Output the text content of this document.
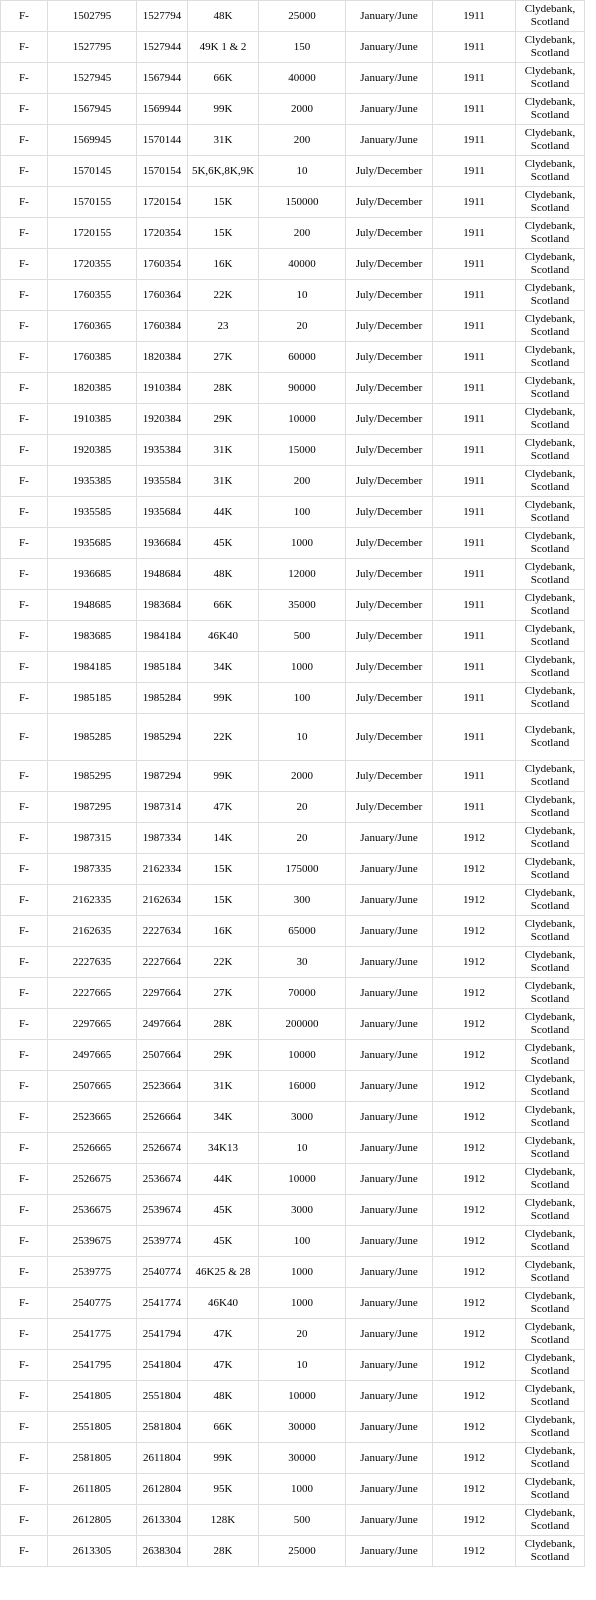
F-	1502795	1527794	48K	25000	January/June	1911	Clydebank, Scotland
F-	1527795	1527944	49K 1 & 2	150	January/June	1911	Clydebank, Scotland
F-	1527945	1567944	66K	40000	January/June	1911	Clydebank, Scotland
F-	1567945	1569944	99K	2000	January/June	1911	Clydebank, Scotland
F-	1569945	1570144	31K	200	January/June	1911	Clydebank, Scotland
F-	1570145	1570154	5K,6K,8K,9K	10	July/December	1911	Clydebank, Scotland
F-	1570155	1720154	15K	150000	July/December	1911	Clydebank, Scotland
F-	1720155	1720354	15K	200	July/December	1911	Clydebank, Scotland
F-	1720355	1760354	16K	40000	July/December	1911	Clydebank, Scotland
F-	1760355	1760364	22K	10	July/December	1911	Clydebank, Scotland
F-	1760365	1760384	23	20	July/December	1911	Clydebank, Scotland
F-	1760385	1820384	27K	60000	July/December	1911	Clydebank, Scotland
F-	1820385	1910384	28K	90000	July/December	1911	Clydebank, Scotland
F-	1910385	1920384	29K	10000	July/December	1911	Clydebank, Scotland
F-	1920385	1935384	31K	15000	July/December	1911	Clydebank, Scotland
F-	1935385	1935584	31K	200	July/December	1911	Clydebank, Scotland
F-	1935585	1935684	44K	100	July/December	1911	Clydebank, Scotland
F-	1935685	1936684	45K	1000	July/December	1911	Clydebank, Scotland
F-	1936685	1948684	48K	12000	July/December	1911	Clydebank, Scotland
F-	1948685	1983684	66K	35000	July/December	1911	Clydebank, Scotland
F-	1983685	1984184	46K40	500	July/December	1911	Clydebank, Scotland
F-	1984185	1985184	34K	1000	July/December	1911	Clydebank, Scotland
F-	1985185	1985284	99K	100	July/December	1911	Clydebank, Scotland
F-	1985285	1985294	22K	10	July/December	1911	Clydebank, Scotland
F-	1985295	1987294	99K	2000	July/December	1911	Clydebank, Scotland
F-	1987295	1987314	47K	20	July/December	1911	Clydebank, Scotland
F-	1987315	1987334	14K	20	January/June	1912	Clydebank, Scotland
F-	1987335	2162334	15K	175000	January/June	1912	Clydebank, Scotland
F-	2162335	2162634	15K	300	January/June	1912	Clydebank, Scotland
F-	2162635	2227634	16K	65000	January/June	1912	Clydebank, Scotland
F-	2227635	2227664	22K	30	January/June	1912	Clydebank, Scotland
F-	2227665	2297664	27K	70000	January/June	1912	Clydebank, Scotland
F-	2297665	2497664	28K	200000	January/June	1912	Clydebank, Scotland
F-	2497665	2507664	29K	10000	January/June	1912	Clydebank, Scotland
F-	2507665	2523664	31K	16000	January/June	1912	Clydebank, Scotland
F-	2523665	2526664	34K	3000	January/June	1912	Clydebank, Scotland
F-	2526665	2526674	34K13	10	January/June	1912	Clydebank, Scotland
F-	2526675	2536674	44K	10000	January/June	1912	Clydebank, Scotland
F-	2536675	2539674	45K	3000	January/June	1912	Clydebank, Scotland
F-	2539675	2539774	45K	100	January/June	1912	Clydebank, Scotland
F-	2539775	2540774	46K25 & 28	1000	January/June	1912	Clydebank, Scotland
F-	2540775	2541774	46K40	1000	January/June	1912	Clydebank, Scotland
F-	2541775	2541794	47K	20	January/June	1912	Clydebank, Scotland
F-	2541795	2541804	47K	10	January/June	1912	Clydebank, Scotland
F-	2541805	2551804	48K	10000	January/June	1912	Clydebank, Scotland
F-	2551805	2581804	66K	30000	January/June	1912	Clydebank, Scotland
F-	2581805	2611804	99K	30000	January/June	1912	Clydebank, Scotland
F-	2611805	2612804	95K	1000	January/June	1912	Clydebank, Scotland
F-	2612805	2613304	128K	500	January/June	1912	Clydebank, Scotland
F-	2613305	2638304	28K	25000	January/June	1912	Clydebank, Scotland
